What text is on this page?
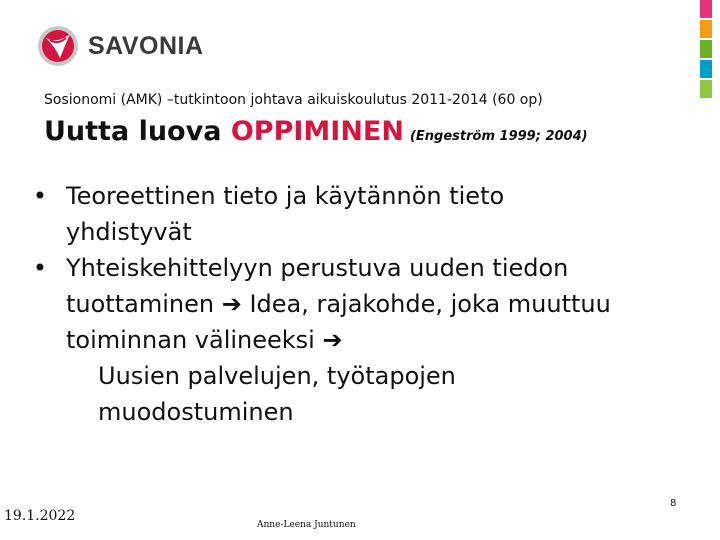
SAVONIA
Sosionomi (AMK) –tutkintoon johtava aikuiskoulutus 2011-2014 (60 op)
Uutta luova OPPIMINEN (Engeström 1999; 2004)
• Teoreettinen tieto ja käytännön tieto
yhdistyvät
• Yhteiskehittelyyn perustuva uuden tiedon
tuottaminen ➔ Idea, rajakohde, joka muuttuu
toiminnan välineeksi ➔
Uusien palvelujen, työtapojen
muodostuminen
19.1.2022
Anne-Leena Juntunen
8
